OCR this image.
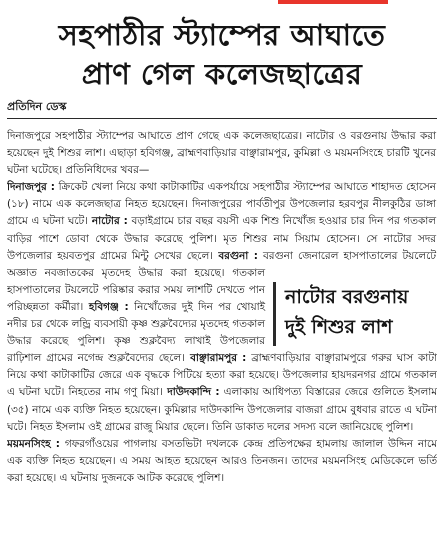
সহপাঠীর স্ট্যাম্পের আঘাতে
প্রাণ গেল কলেজছাত্রের
প্রতিদিন ডেস্ক
নাটোর বরগুনায়
দুই শিশুর লাশ

দিনাজপুরে সহপাঠীর স্ট্যাম্পের আঘাতে প্রাণ গেছে এক কলেজছাত্রের। নাটোর ও বরগুনায় উদ্ধার করা হয়েছেন দুই শিশুর লাশ। এছাড়া হবিগঞ্জ, ব্রাহ্মণবাড়িয়ার বাঞ্ছারামপুর, কুমিল্লা ও ময়মনসিংহে চারটি খুনের ঘটনা ঘটেছে। প্রতিনিধিদের খবর—

দিনাজপুর : ক্রিকেট খেলা নিয়ে কথা কাটাকাটির একপর্যায়ে সহপাঠীর স্ট্যাম্পের আঘাতে শাহাদত হোসেন (১৮) নামে এক কলেজছাত্র নিহত হয়েছেন। দিনাজপুরের পার্বতীপুর উপজেলার হরবপুর নীলকুঠির ডাঙ্গা গ্রামে এ ঘটনা ঘটে। নাটোর : বড়াইগ্রামে চার বছর বয়সী এক শিশু নিখোঁজ হওয়ার চার দিন পর গতকাল বাড়ির পাশে ডোবা থেকে উদ্ধার করেছে পুলিশ। মৃত শিশুর নাম সিয়াম হোসেন। সে নাটোর সদর উপজেলার হয়বতপুর গ্রামের মিন্টু সেখের ছেলে। বরগুনা : বরগুনা জেনারেল হাসপাতালের টয়লেটে অজ্ঞাত নবজাতকের মৃতদেহ উদ্ধার করা হয়েছে। গতকাল হাসপাতালের টয়লেটে পরিষ্কার করার সময় লাশটি দেখতে পান পরিচ্ছন্নতা কর্মীরা। হবিগঞ্জ : নিখোঁজের দুই দিন পর খোয়াই নদীর চর থেকে লন্ড্রি ব্যবসায়ী কৃষ্ণ শুক্লবৈদ্যের মৃতদেহ গতকাল উদ্ধার করেছে পুলিশ। কৃষ্ণ শুক্লবৈদ্য লাখাই উপজেলার রাঢ়িশাল গ্রামের নগেন্দ্র শুক্লবৈদ্যের ছেলে। বাঞ্ছারামপুর : ব্রাহ্মণবাড়িয়ার বাঞ্ছারামপুরে গরুর ঘাস কাটা নিয়ে কথা কাটাকাটির জেরে এক বৃদ্ধকে পিটিয়ে হত্যা করা হয়েছে। উপজেলার হায়দরনগর গ্রামে গতকাল এ ঘটনা ঘটে। নিহতের নাম গণু মিয়া। দাউদকান্দি : এলাকায় আধিপত্য বিস্তারের জেরে গুলিতে ইসলাম (৩৫) নামে এক ব্যক্তি নিহত হয়েছেন। কুমিল্লার দাউদকান্দি উপজেলার বাজরা গ্রামে বুধবার রাতে এ ঘটনা ঘটে। নিহত ইসলাম ওই গ্রামের রাজু মিয়ার ছেলে। তিনি ডাকাত দলের সদস্য বলে জানিয়েছে পুলিশ।

ময়মনসিংহ : গফরগাঁওয়ের পাগলায় বসতভিটা দখলকে কেন্দ্র প্রতিপক্ষের হামলায় জালাল উদ্দিন নামে এক ব্যক্তি নিহত হয়েছেন। এ সময় আহত হয়েছেন আরও তিনজন। তাদের ময়মনসিংহ মেডিকেলে ভর্তি করা হয়েছে। এ ঘটনায় দুজনকে আটক করেছে পুলিশ।
